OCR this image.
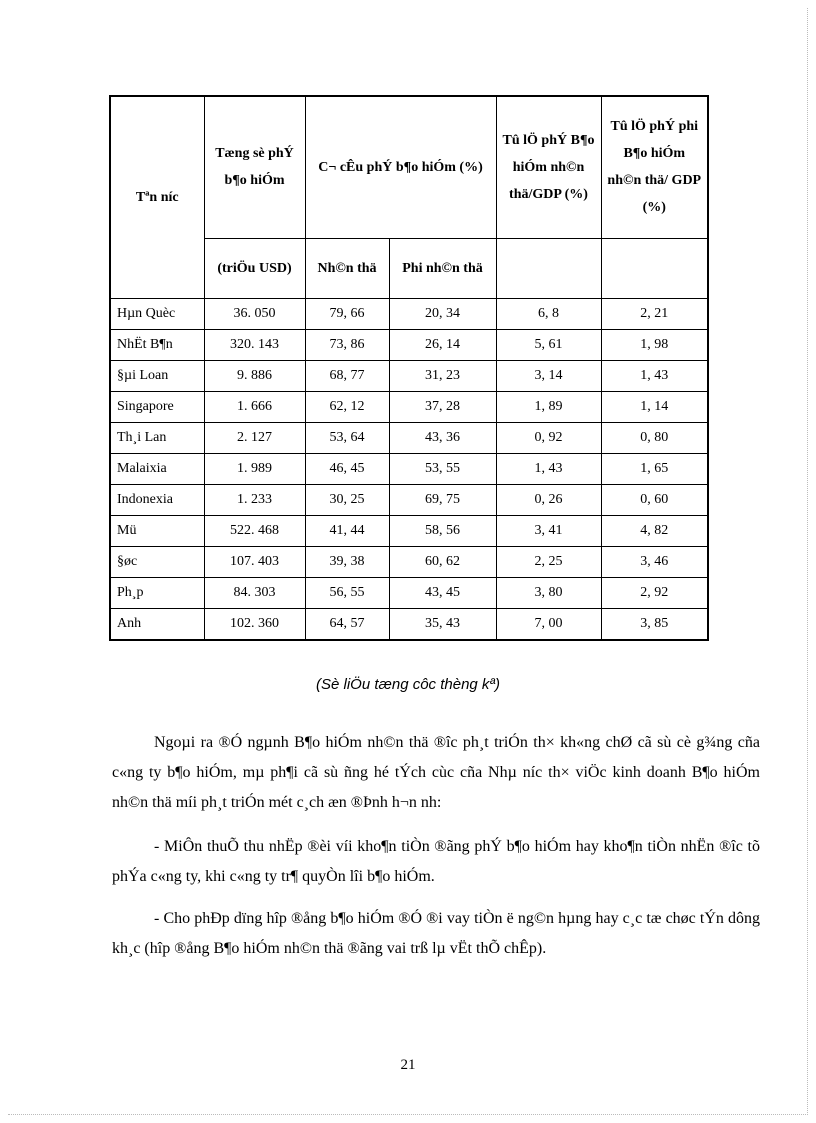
Tªn níc	Tæng sè phÝ b¶o hiÓm	C¬ cÊu phÝ b¶o hiÓm (%)		Tû lÖ phÝ B¶o hiÓm nh©n thä/GDP (%)	Tû lÖ phÝ phi B¶o hiÓm nh©n thä/ GDP (%)
	(triÖu USD)	Nh©n thä	Phi nh©n thä		
Hµn Quèc	36. 050	79, 66	20, 34	6, 8	2, 21
NhËt B¶n	320. 143	73, 86	26, 14	5, 61	1, 98
§µi Loan	9. 886	68, 77	31, 23	3, 14	1, 43
Singapore	1. 666	62, 12	37, 28	1, 89	1, 14
Th¸i Lan	2. 127	53, 64	43, 36	0, 92	0, 80
Malaixia	1. 989	46, 45	53, 55	1, 43	1, 65
Indonexia	1. 233	30, 25	69, 75	0, 26	0, 60
Mü	522. 468	41, 44	58, 56	3, 41	4, 82
§øc	107. 403	39, 38	60, 62	2, 25	3, 46
Ph¸p	84. 303	56, 55	43, 45	3, 80	2, 92
Anh	102. 360	64, 57	35, 43	7, 00	3, 85
(Sè liÖu tæng côc thèng kª)

Ngoµi ra ®Ó ngµnh B¶o hiÓm nh©n thä ®îc ph¸t triÓn th× kh«ng chØ cã sù cè g¾ng cña c«ng ty b¶o hiÓm, mµ ph¶i cã sù ñng hé tÝch cùc cña Nhµ níc th× viÖc kinh doanh B¶o hiÓm nh©n thä míi ph¸t triÓn mét c¸ch æn ®Þnh h¬n nh:

- MiÔn thuÕ thu nhËp ®èi víi kho¶n tiÒn ®ãng phÝ b¶o hiÓm hay kho¶n tiÒn nhËn ®îc tõ phÝa c«ng ty, khi c«ng ty tr¶ quyÒn lîi b¶o hiÓm.

- Cho phÐp dïng hîp ®ång b¶o hiÓm ®Ó ®i vay tiÒn ë ng©n hµng hay c¸c tæ chøc tÝn dông kh¸c (hîp ®ång B¶o hiÓm nh©n thä ®ãng vai trß lµ vËt thÕ chÊp).

21
